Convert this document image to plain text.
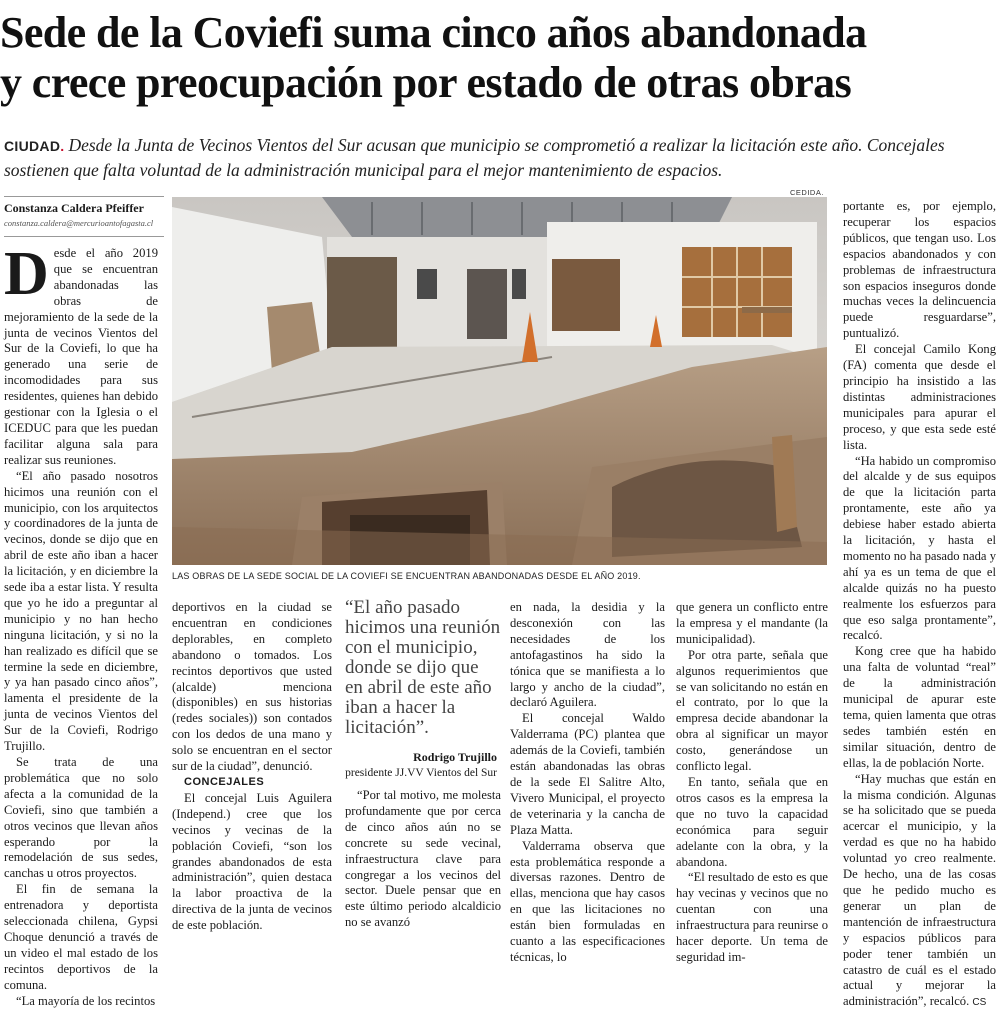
Sede de la Coviefi suma cinco años abandonada
y crece preocupación por estado de otras obras

CIUDAD. Desde la Junta de Vecinos Vientos del Sur acusan que municipio se comprometió a realizar la licitación este año. Concejales sostienen que falta voluntad de la administración municipal para el mejor mantenimiento de espacios.

Constanza Caldera Pfeiffer

constanza.caldera@mercurioantofagasta.cl

CEDIDA.

LAS OBRAS DE LA SEDE SOCIAL DE LA COVIEFI SE ENCUENTRAN ABANDONADAS DESDE EL AÑO 2019.

Desde el año 2019 que se encuentran abandonadas las obras de mejoramiento de la sede de la junta de vecinos Vientos del Sur de la Coviefi, lo que ha generado una serie de incomodidades para sus residentes, quienes han debido gestionar con la Iglesia o el ICEDUC para que les puedan facilitar alguna sala para realizar sus reuniones.

“El año pasado nosotros hicimos una reunión con el municipio, con los arquitectos y coordinadores de la junta de vecinos, donde se dijo que en abril de este año iban a hacer la licitación, y en diciembre la sede iba a estar lista. Y resulta que yo he ido a preguntar al municipio y no han hecho ninguna licitación, y si no la han realizado es difícil que se termine la sede en diciembre, y ya han pasado cinco años”, lamenta el presidente de la junta de vecinos Vientos del Sur de la Coviefi, Rodrigo Trujillo.

Se trata de una problemática que no solo afecta a la comunidad de la Coviefi, sino que también a otros vecinos que llevan años esperando por la remodelación de sus sedes, canchas u otros proyectos.

El fin de semana la entrenadora y deportista seleccionada chilena, Gypsi Choque denunció a través de un video el mal estado de los recintos deportivos de la comuna.

“La mayoría de los recintos

deportivos en la ciudad se encuentran en condiciones deplorables, en completo abandono o tomados. Los recintos deportivos que usted (alcalde) menciona (disponibles) en sus historias (redes sociales)) son contados con los dedos de una mano y solo se encuentran en el sector sur de la ciudad”, denunció.

CONCEJALES

El concejal Luis Aguilera (Independ.) cree que los vecinos y vecinas de la población Coviefi, “son los grandes abandonados de esta administración”, quien destaca la labor proactiva de la directiva de la junta de vecinos de este población.

“El año pasado hicimos una reunión con el municipio, donde se dijo que en abril de este año iban a hacer la licitación”.

Rodrigo Trujillo

presidente JJ.VV Vientos del Sur

“Por tal motivo, me molesta profundamente que por cerca de cinco años aún no se concrete su sede vecinal, infraestructura clave para congregar a los vecinos del sector. Duele pensar que en este último periodo alcaldicio no se avanzó

en nada, la desidia y la desconexión con las necesidades de los antofagastinos ha sido la tónica que se manifiesta a lo largo y ancho de la ciudad”, declaró Aguilera.

El concejal Waldo Valderrama (PC) plantea que además de la Coviefi, también están abandonadas las obras de la sede El Salitre Alto, Vivero Municipal, el proyecto de veterinaria y la cancha de Plaza Matta.

Valderrama observa que esta problemática responde a diversas razones. Dentro de ellas, menciona que hay casos en que las licitaciones no están bien formuladas en cuanto a las especificaciones técnicas, lo

que genera un conflicto entre la empresa y el mandante (la municipalidad).

Por otra parte, señala que algunos requerimientos que se van solicitando no están en el contrato, por lo que la empresa decide abandonar la obra al significar un mayor costo, generándose un conflicto legal.

En tanto, señala que en otros casos es la empresa la que no tuvo la capacidad económica para seguir adelante con la obra, y la abandona.

“El resultado de esto es que hay vecinas y vecinos que no cuentan con una infraestructura para reunirse o hacer deporte. Un tema de seguridad im-

portante es, por ejemplo, recuperar los espacios públicos, que tengan uso. Los espacios abandonados y con problemas de infraestructura son espacios inseguros donde muchas veces la delincuencia puede resguardarse”, puntualizó.

El concejal Camilo Kong (FA) comenta que desde el principio ha insistido a las distintas administraciones municipales para apurar el proceso, y que esta sede esté lista.

“Ha habido un compromiso del alcalde y de sus equipos de que la licitación parta prontamente, este año ya debiese haber estado abierta la licitación, y hasta el momento no ha pasado nada y ahí ya es un tema de que el alcalde quizás no ha puesto realmente los esfuerzos para que eso salga prontamente”, recalcó.

Kong cree que ha habido una falta de voluntad “real” de la administración municipal de apurar este tema, quien lamenta que otras sedes también estén en similar situación, dentro de ellas, la de población Norte.

“Hay muchas que están en la misma condición. Algunas se ha solicitado que se pueda acercar el municipio, y la verdad es que no ha habido voluntad yo creo realmente. De hecho, una de las cosas que he pedido mucho es generar un plan de mantención de infraestructura y espacios públicos para poder tener también un catastro de cuál es el estado actual y mejorar la administración”, recalcó. CS
